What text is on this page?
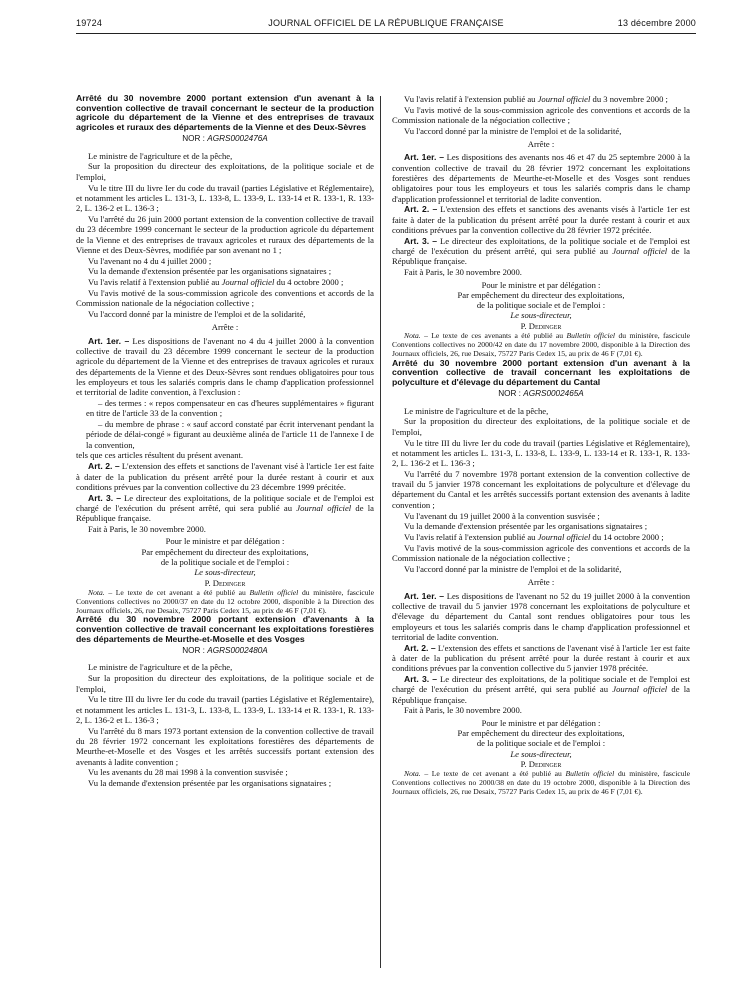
19724	JOURNAL OFFICIEL DE LA RÉPUBLIQUE FRANÇAISE	13 décembre 2000
Arrêté du 30 novembre 2000 portant extension d'un avenant à la convention collective de travail concernant le secteur de la production agricole du département de la Vienne et des entreprises de travaux agricoles et ruraux des départements de la Vienne et des Deux-Sèvres
NOR : AGRS0002476A

Le ministre de l'agriculture et de la pêche,

Sur la proposition du directeur des exploitations, de la politique sociale et de l'emploi,

Vu le titre III du livre Ier du code du travail (parties Législative et Réglementaire), et notamment les articles L. 131-3, L. 133-8, L. 133-9, L. 133-14 et R. 133-1, R. 133-2, L. 136-2 et L. 136-3 ;

Vu l'arrêté du 26 juin 2000 portant extension de la convention collective de travail du 23 décembre 1999 concernant le secteur de la production agricole du département de la Vienne et des entreprises de travaux agricoles et ruraux des départements de la Vienne et des Deux-Sèvres, modifiée par son avenant no 1 ;

Vu l'avenant no 4 du 4 juillet 2000 ;

Vu la demande d'extension présentée par les organisations signataires ;

Vu l'avis relatif à l'extension publié au Journal officiel du 4 octobre 2000 ;

Vu l'avis motivé de la sous-commission agricole des conventions et accords de la Commission nationale de la négociation collective ;

Vu l'accord donné par la ministre de l'emploi et de la solidarité,

Arrête :

Art. 1er. – Les dispositions de l'avenant no 4 du 4 juillet 2000 à la convention collective de travail du 23 décembre 1999 concernant le secteur de la production agricole du département de la Vienne et des entreprises de travaux agricoles et ruraux des départements de la Vienne et des Deux-Sèvres sont rendues obligatoires pour tous les employeurs et tous les salariés compris dans le champ d'application professionnel et territorial de ladite convention, à l'exclusion :

– des termes : « repos compensateur en cas d'heures supplémentaires » figurant en titre de l'article 33 de la convention ;

– du membre de phrase : « sauf accord constaté par écrit intervenant pendant la période de délai-congé » figurant au deuxième alinéa de l'article 11 de l'annexe I de la convention,

tels que ces articles résultent du présent avenant.

Art. 2. – L'extension des effets et sanctions de l'avenant visé à l'article 1er est faite à dater de la publication du présent arrêté pour la durée restant à courir et aux conditions prévues par la convention collective du 23 décembre 1999 précitée.

Art. 3. – Le directeur des exploitations, de la politique sociale et de l'emploi est chargé de l'exécution du présent arrêté, qui sera publié au Journal officiel de la République française.

Fait à Paris, le 30 novembre 2000.

Pour le ministre et par délégation :
Par empêchement du directeur des exploitations,
de la politique sociale et de l'emploi :
Le sous-directeur,
P. Dedinger

Nota. – Le texte de cet avenant a été publié au Bulletin officiel du ministère, fascicule Conventions collectives no 2000/37 en date du 12 octobre 2000, disponible à la Direction des Journaux officiels, 26, rue Desaix, 75727 Paris Cedex 15, au prix de 46 F (7,01 €).

Arrêté du 30 novembre 2000 portant extension d'avenants à la convention collective de travail concernant les exploitations forestières des départements de Meurthe-et-Moselle et des Vosges
NOR : AGRS0002480A

Le ministre de l'agriculture et de la pêche,

Sur la proposition du directeur des exploitations, de la politique sociale et de l'emploi,

Vu le titre III du livre Ier du code du travail (parties Législative et Réglementaire), et notamment les articles L. 131-3, L. 133-8, L. 133-9, L. 133-14 et R. 133-1, R. 133-2, L. 136-2 et L. 136-3 ;

Vu l'arrêté du 8 mars 1973 portant extension de la convention collective de travail du 28 février 1972 concernant les exploitations forestières des départements de Meurthe-et-Moselle et des Vosges et les arrêtés successifs portant extension des avenants à ladite convention ;

Vu les avenants du 28 mai 1998 à la convention susvisée ;

Vu la demande d'extension présentée par les organisations signataires ;

Vu l'avis relatif à l'extension publié au Journal officiel du 3 novembre 2000 ;

Vu l'avis motivé de la sous-commission agricole des conventions et accords de la Commission nationale de la négociation collective ;

Vu l'accord donné par la ministre de l'emploi et de la solidarité,

Arrête :

Art. 1er. – Les dispositions des avenants nos 46 et 47 du 25 septembre 2000 à la convention collective de travail du 28 février 1972 concernant les exploitations forestières des départements de Meurthe-et-Moselle et des Vosges sont rendues obligatoires pour tous les employeurs et tous les salariés compris dans le champ d'application professionnel et territorial de ladite convention.

Art. 2. – L'extension des effets et sanctions des avenants visés à l'article 1er est faite à dater de la publication du présent arrêté pour la durée restant à courir et aux conditions prévues par la convention collective du 28 février 1972 précitée.

Art. 3. – Le directeur des exploitations, de la politique sociale et de l'emploi est chargé de l'exécution du présent arrêté, qui sera publié au Journal officiel de la République française.

Fait à Paris, le 30 novembre 2000.

Pour le ministre et par délégation :
Par empêchement du directeur des exploitations,
de la politique sociale et de l'emploi :
Le sous-directeur,
P. Dedinger

Nota. – Le texte de ces avenants a été publié au Bulletin officiel du ministère, fascicule Conventions collectives no 2000/42 en date du 17 novembre 2000, disponible à la Direction des Journaux officiels, 26, rue Desaix, 75727 Paris Cedex 15, au prix de 46 F (7,01 €).

Arrêté du 30 novembre 2000 portant extension d'un avenant à la convention collective de travail concernant les exploitations de polyculture et d'élevage du département du Cantal
NOR : AGRS0002465A

Le ministre de l'agriculture et de la pêche,

Sur la proposition du directeur des exploitations, de la politique sociale et de l'emploi,

Vu le titre III du livre Ier du code du travail (parties Législative et Réglementaire), et notamment les articles L. 131-3, L. 133-8, L. 133-9, L. 133-14 et R. 133-1, R. 133-2, L. 136-2 et L. 136-3 ;

Vu l'arrêté du 7 novembre 1978 portant extension de la convention collective de travail du 5 janvier 1978 concernant les exploitations de polyculture et d'élevage du département du Cantal et les arrêtés successifs portant extension des avenants à ladite convention ;

Vu l'avenant du 19 juillet 2000 à la convention susvisée ;

Vu la demande d'extension présentée par les organisations signataires ;

Vu l'avis relatif à l'extension publié au Journal officiel du 14 octobre 2000 ;

Vu l'avis motivé de la sous-commission agricole des conventions et accords de la Commission nationale de la négociation collective ;

Vu l'accord donné par la ministre de l'emploi et de la solidarité,

Arrête :

Art. 1er. – Les dispositions de l'avenant no 52 du 19 juillet 2000 à la convention collective de travail du 5 janvier 1978 concernant les exploitations de polyculture et d'élevage du département du Cantal sont rendues obligatoires pour tous les employeurs et tous les salariés compris dans le champ d'application professionnel et territorial de ladite convention.

Art. 2. – L'extension des effets et sanctions de l'avenant visé à l'article 1er est faite à dater de la publication du présent arrêté pour la durée restant à courir et aux conditions prévues par la convention collective du 5 janvier 1978 précitée.

Art. 3. – Le directeur des exploitations, de la politique sociale et de l'emploi est chargé de l'exécution du présent arrêté, qui sera publié au Journal officiel de la République française.

Fait à Paris, le 30 novembre 2000.

Pour le ministre et par délégation :
Par empêchement du directeur des exploitations,
de la politique sociale et de l'emploi :
Le sous-directeur,
P. Dedinger

Nota. – Le texte de cet avenant a été publié au Bulletin officiel du ministère, fascicule Conventions collectives no 2000/38 en date du 19 octobre 2000, disponible à la Direction des Journaux officiels, 26, rue Desaix, 75727 Paris Cedex 15, au prix de 46 F (7,01 €).
